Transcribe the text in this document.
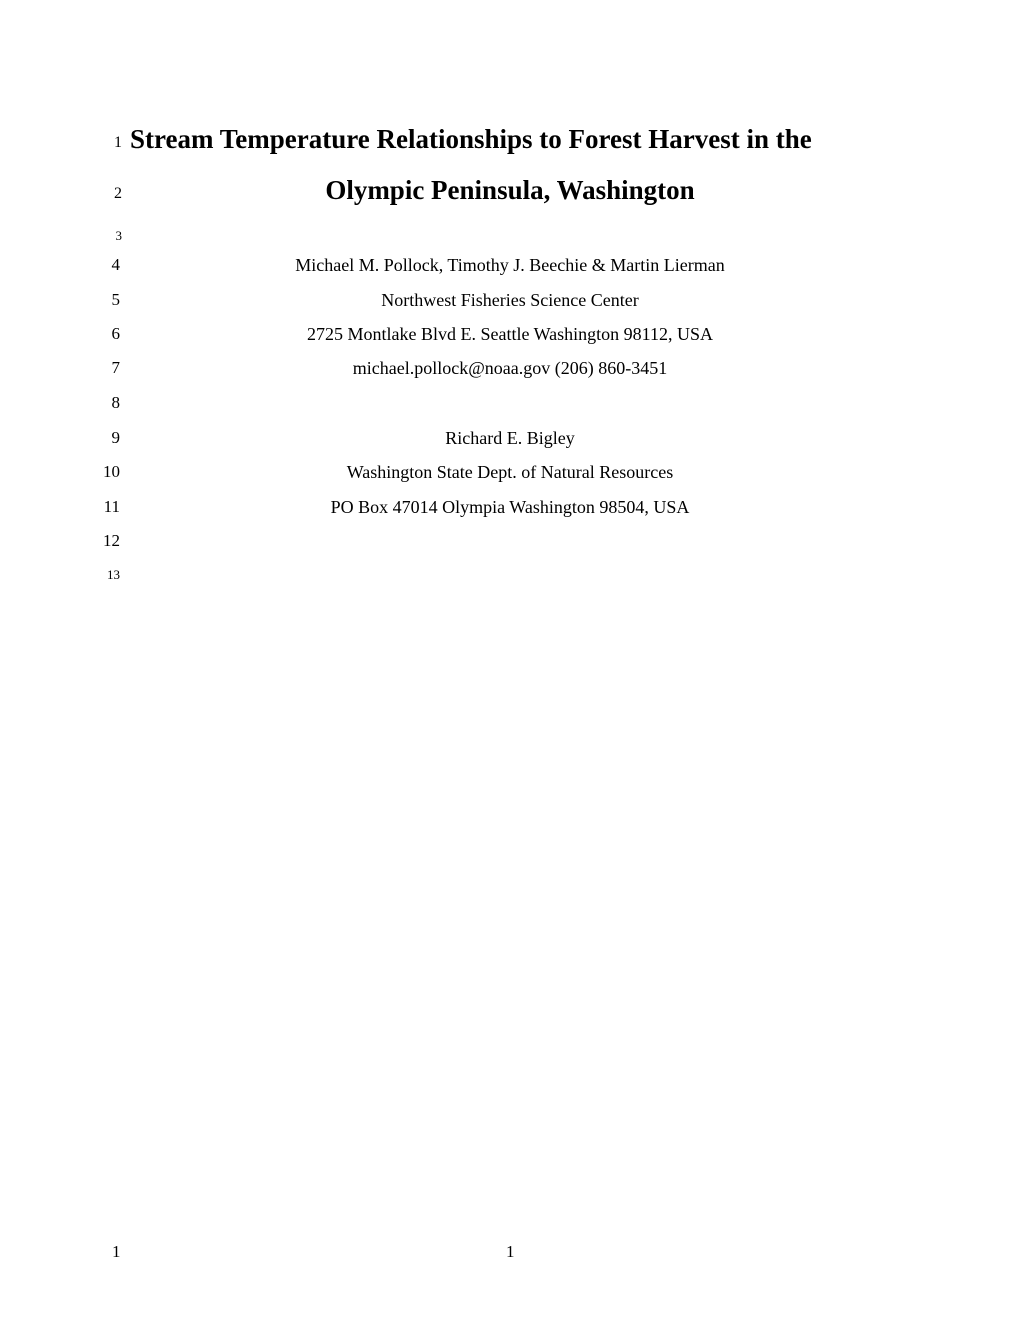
1 Stream Temperature Relationships to Forest Harvest in the
2	Olympic Peninsula, Washington
3
4	Michael M. Pollock, Timothy J. Beechie & Martin Lierman
5	Northwest Fisheries Science Center
6	2725 Montlake Blvd E. Seattle Washington 98112, USA
7	michael.pollock@noaa.gov (206) 860-3451
8
9	Richard E. Bigley
10	Washington State Dept. of Natural Resources
11	PO Box 47014 Olympia Washington 98504, USA
12
13
1	1
